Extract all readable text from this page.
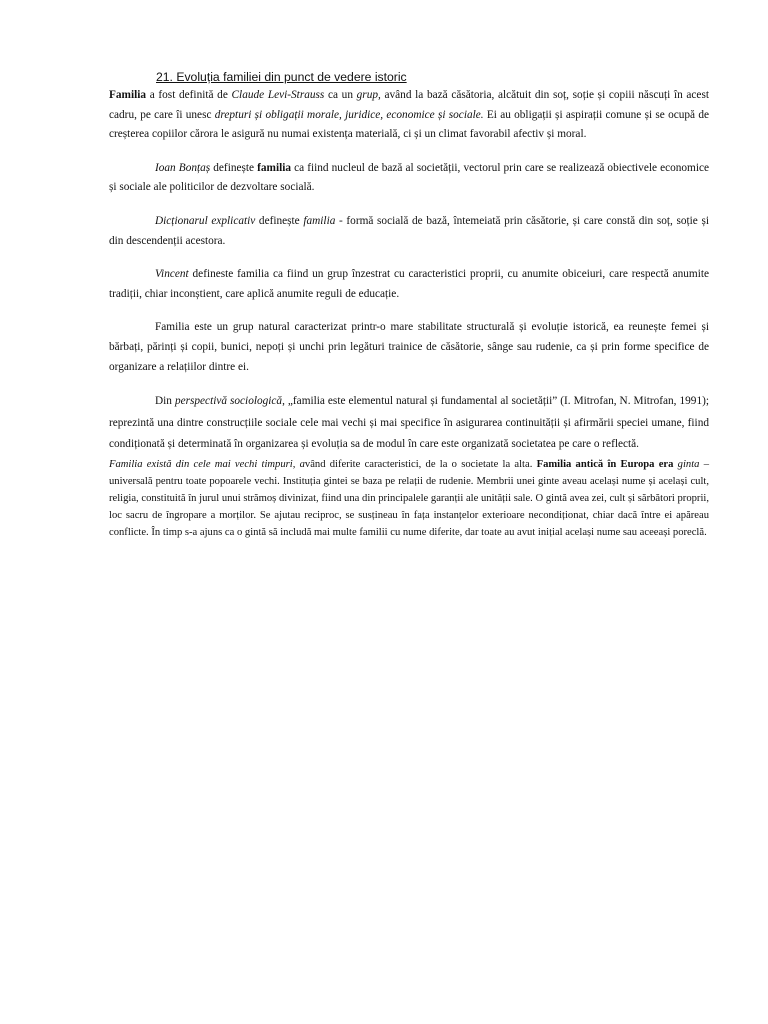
21. Evoluția familiei din punct de vedere istoric

Familia a fost definită de Claude Levi-Strauss ca un grup, având la bază căsătoria, alcătuit din soț, soție și copiii născuți în acest cadru, pe care îi unesc drepturi și obligații morale, juridice, economice și sociale. Ei au obligații și aspirații comune și se ocupă de creșterea copiilor cărora le asigură nu numai existența materială, ci și un climat favorabil afectiv și moral.

Ioan Bonțaș definește familia ca fiind nucleul de bază al societății, vectorul prin care se realizează obiectivele economice și sociale ale politicilor de dezvoltare socială.

Dicționarul explicativ definește familia - formă socială de bază, întemeiată prin căsătorie, și care constă din soț, soție și din descendenții acestora.

Vincent defineste familia ca fiind un grup înzestrat cu caracteristici proprii, cu anumite obiceiuri, care respectă anumite tradiții, chiar inconștient, care aplică anumite reguli de educație.

Familia este un grup natural caracterizat printr-o mare stabilitate structurală și evoluție istorică, ea reunește femei și bărbați, părinți și copii, bunici, nepoți și unchi prin legături trainice de căsătorie, sânge sau rudenie, ca și prin forme specifice de organizare a relațiilor dintre ei.

Din perspectivă sociologică, „familia este elementul natural și fundamental al societății” (I. Mitrofan, N. Mitrofan, 1991); reprezintă una dintre construcțiile sociale cele mai vechi și mai specifice în asigurarea continuității și afirmării speciei umane, fiind condiționată și determinată în organizarea și evoluția sa de modul în care este organizată societatea pe care o reflectă.

Familia există din cele mai vechi timpuri, având diferite caracteristici, de la o societate la alta. Familia antică în Europa era ginta – universală pentru toate popoarele vechi. Instituția gintei se baza pe relații de rudenie. Membrii unei ginte aveau același nume și același cult, religia, constituită în jurul unui strămoș divinizat, fiind una din principalele garanții ale unității sale. O gintă avea zei, cult și sărbători proprii, loc sacru de îngropare a morților. Se ajutau reciproc, se susțineau în fața instanțelor exterioare necondiționat, chiar dacă între ei apăreau conflicte. În timp s-a ajuns ca o gintă să includă mai multe familii cu nume diferite, dar toate au avut inițial același nume sau aceeași poreclă.
